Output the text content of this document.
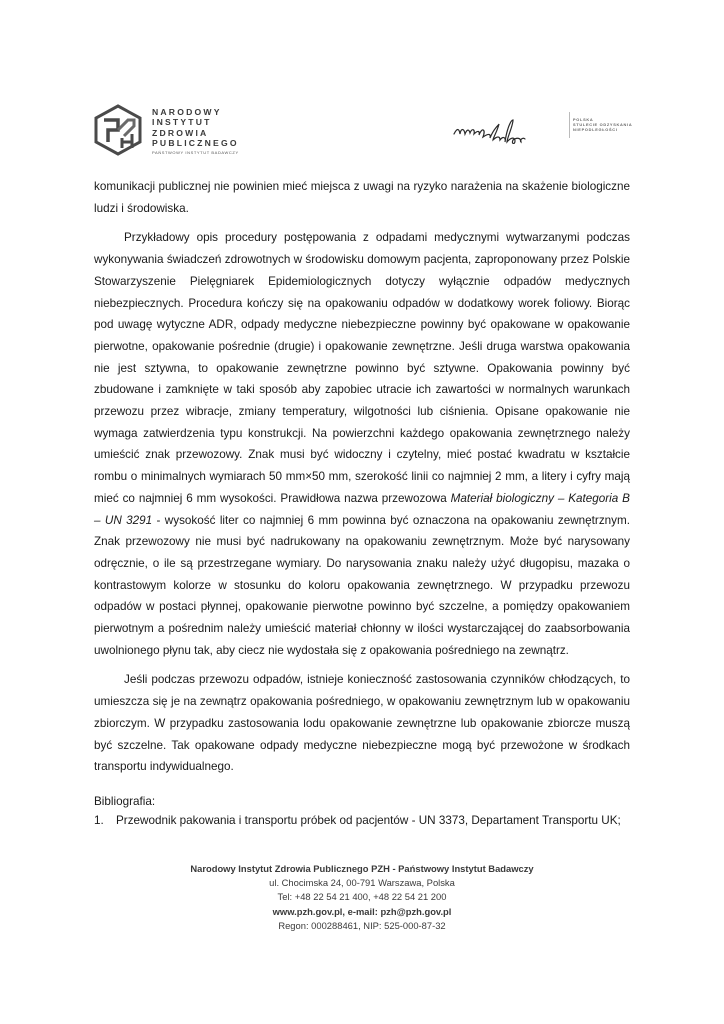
NARODOWY
INSTYTUT
ZDROWIA
PUBLICZNEGO
PAŃSTWOWY INSTYTUT BADAWCZY
POLSKA
STULECIE ODZYSKANIA
NIEPODLEGŁOŚCI

komunikacji publicznej nie powinien mieć miejsca z uwagi na ryzyko narażenia na skażenie biologiczne ludzi i środowiska.

Przykładowy opis procedury postępowania z odpadami medycznymi wytwarzanymi podczas wykonywania świadczeń zdrowotnych w środowisku domowym pacjenta, zaproponowany przez Polskie Stowarzyszenie Pielęgniarek Epidemiologicznych dotyczy wyłącznie odpadów medycznych niebezpiecznych. Procedura kończy się na opakowaniu odpadów w dodatkowy worek foliowy. Biorąc pod uwagę wytyczne ADR, odpady medyczne niebezpieczne powinny być opakowane w opakowanie pierwotne, opakowanie pośrednie (drugie) i opakowanie zewnętrzne. Jeśli druga warstwa opakowania nie jest sztywna, to opakowanie zewnętrzne powinno być sztywne. Opakowania powinny być zbudowane i zamknięte w taki sposób aby zapobiec utracie ich zawartości w normalnych warunkach przewozu przez wibracje, zmiany temperatury, wilgotności lub ciśnienia. Opisane opakowanie nie wymaga zatwierdzenia typu konstrukcji. Na powierzchni każdego opakowania zewnętrznego należy umieścić znak przewozowy. Znak musi być widoczny i czytelny, mieć postać kwadratu w kształcie rombu o minimalnych wymiarach 50 mm×50 mm, szerokość linii co najmniej 2 mm, a litery i cyfry mają mieć co najmniej 6 mm wysokości. Prawidłowa nazwa przewozowa Materiał biologiczny – Kategoria B – UN 3291 - wysokość liter co najmniej 6 mm powinna być oznaczona na opakowaniu zewnętrznym. Znak przewozowy nie musi być nadrukowany na opakowaniu zewnętrznym. Może być narysowany odręcznie, o ile są przestrzegane wymiary. Do narysowania znaku należy użyć długopisu, mazaka o kontrastowym kolorze w stosunku do koloru opakowania zewnętrznego. W przypadku przewozu odpadów w postaci płynnej, opakowanie pierwotne powinno być szczelne, a pomiędzy opakowaniem pierwotnym a pośrednim należy umieścić materiał chłonny w ilości wystarczającej do zaabsorbowania uwolnionego płynu tak, aby ciecz nie wydostała się z opakowania pośredniego na zewnątrz.

Jeśli podczas przewozu odpadów, istnieje konieczność zastosowania czynników chłodzących, to umieszcza się je na zewnątrz opakowania pośredniego, w opakowaniu zewnętrznym lub w opakowaniu zbiorczym. W przypadku zastosowania lodu opakowanie zewnętrzne lub opakowanie zbiorcze muszą być szczelne. Tak opakowane odpady medyczne niebezpieczne mogą być przewożone w środkach transportu indywidualnego.

Bibliografia:
1.	Przewodnik pakowania i transportu próbek od pacjentów - UN 3373, Departament Transportu UK;
Narodowy Instytut Zdrowia Publicznego PZH - Państwowy Instytut Badawczy
ul. Chocimska 24, 00-791 Warszawa, Polska
Tel: +48 22 54 21 400, +48 22 54 21 200
www.pzh.gov.pl, e-mail: pzh@pzh.gov.pl
Regon: 000288461, NIP: 525-000-87-32
